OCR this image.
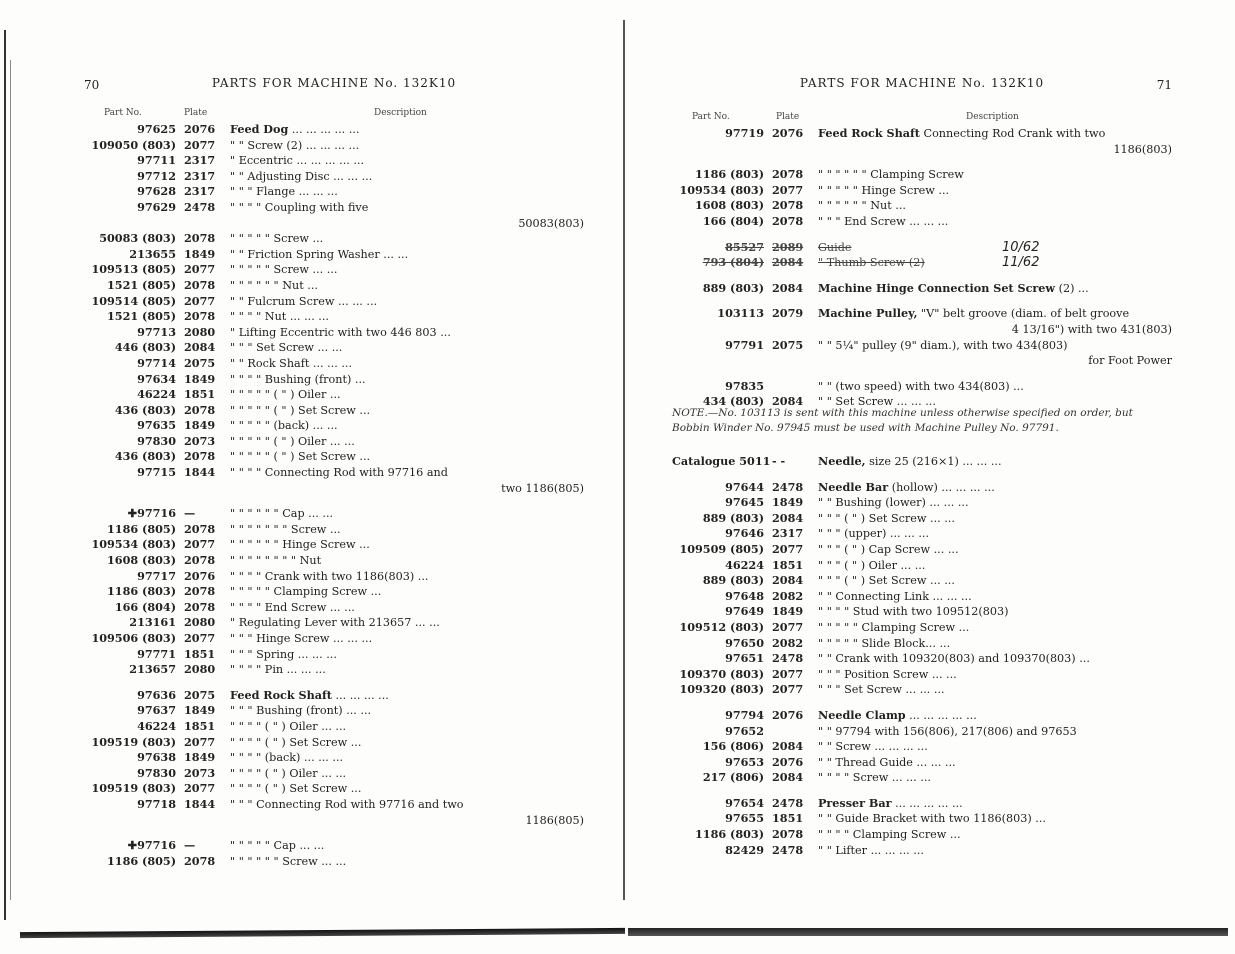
70	PARTS FOR MACHINE No. 132K10
Part No.	Plate	Description
97625 2076 Feed Dog ... ... ... ... ...
109050 (803) 2077 " " Screw (2) ... ... ... ...
97711 2317 " Eccentric ... ... ... ... ...
97712 2317 " " Adjusting Disc ... ... ...
97628 2317 " " " Flange ... ... ...
97629 2478 " " " " Coupling with five
50083(803)
50083 (803) 2078 " " " " " Screw ...
213655 1849 " " Friction Spring Washer ... ...
109513 (805) 2077 " " " " " Screw ... ...
1521 (805) 2078 " " " " " " Nut ...
109514 (805) 2077 " " Fulcrum Screw ... ... ...
1521 (805) 2078 " " " " Nut ... ... ...
97713 2080 " Lifting Eccentric with two 446 803 ...
446 (803) 2084 " " " Set Screw ... ...
97714 2075 " " Rock Shaft ... ... ...
97634 1849 " " " " Bushing (front) ...
46224 1851 " " " " " ( " ) Oiler ...
436 (803) 2078 " " " " " ( " ) Set Screw ...
97635 1849 " " " " " (back) ... ...
97830 2073 " " " " " ( " ) Oiler ... ...
436 (803) 2078 " " " " " ( " ) Set Screw ...
97715 1844 " " " " Connecting Rod with 97716 and
two 1186(805)
✚97716 —	" " " " " " Cap ... ...
1186 (805) 2078 " " " " " " " Screw ...
109534 (803) 2077 " " " " " " Hinge Screw ...
1608 (803) 2078 " " " " " " " " Nut
97717 2076 " " " " Crank with two 1186(803) ...
1186 (803) 2078 " " " " " Clamping Screw ...
166 (804) 2078 " " " " End Screw ... ...
213161 2080 " Regulating Lever with 213657 ... ...
109506 (803) 2077 " " " Hinge Screw ... ... ...
97771 1851 " " " Spring ... ... ...
213657 2080 " " " " Pin ... ... ...
97636 2075 Feed Rock Shaft ... ... ... ...
97637 1849 " " " Bushing (front) ... ...
46224 1851 " " " " ( " ) Oiler ... ...
109519 (803) 2077 " " " " ( " ) Set Screw ...
97638 1849 " " " " (back) ... ... ...
97830 2073 " " " " ( " ) Oiler ... ...
109519 (803) 2077 " " " " ( " ) Set Screw ...
97718 1844 " " " Connecting Rod with 97716 and two
1186(805)
✚97716 —	" " " " " Cap ... ...
1186 (805) 2078 " " " " " " Screw ... ...
PARTS FOR MACHINE No. 132K10	71
Part No.	Plate	Description
97719 2076 Feed Rock Shaft Connecting Rod Crank with two
1186(803)
1186 (803) 2078 " " " " " " Clamping Screw
109534 (803) 2077 " " " " " Hinge Screw ...
1608 (803) 2078 " " " " " " Nut ...
166 (804) 2078 " " " End Screw ... ... ...
85527 2089 Guide	10/62
793 (804) 2084 " Thumb Screw (2)	11/62
889 (803) 2084 Machine Hinge Connection Set Screw (2) ...
103113 2079 Machine Pulley, "V" belt groove (diam. of belt groove
4 13/16") with two 431(803)
97791 2075 " " 5¼" pulley (9" diam.), with two 434(803)
for Foot Power
97835	" " (two speed) with two 434(803) ...
434 (803) 2084 " " Set Screw ... ... ...
NOTE.—No. 103113 is sent with this machine unless otherwise specified on order, but Bobbin Winder No. 97945 must be used with Machine Pulley No. 97791.
Catalogue 5011 - -	Needle, size 25 (216×1) ... ... ...
97644 2478 Needle Bar (hollow) ... ... ... ...
97645 1849 " " Bushing (lower) ... ... ...
889 (803) 2084 " " " ( " ) Set Screw ... ...
97646 2317 " " " (upper) ... ... ...
109509 (805) 2077 " " " ( " ) Cap Screw ... ...
46224 1851 " " " ( " ) Oiler ... ...
889 (803) 2084 " " " ( " ) Set Screw ... ...
97648 2082 " " Connecting Link ... ... ...
97649 1849 " " " " Stud with two 109512(803)
109512 (803) 2077 " " " " " Clamping Screw ...
97650 2082 " " " " " Slide Block... ...
97651 2478 " " Crank with 109320(803) and 109370(803) ...
109370 (803) 2077 " " " Position Screw ... ...
109320 (803) 2077 " " " Set Screw ... ... ...
97794 2076 Needle Clamp ... ... ... ... ...
97652	" " 97794 with 156(806), 217(806) and 97653
156 (806) 2084 " " Screw ... ... ... ...
97653 2076 " " Thread Guide ... ... ...
217 (806) 2084 " " " " Screw ... ... ...
97654 2478 Presser Bar ... ... ... ... ...
97655 1851 " " Guide Bracket with two 1186(803) ...
1186 (803) 2078 " " " " Clamping Screw ...
82429 2478 " " Lifter ... ... ... ...
